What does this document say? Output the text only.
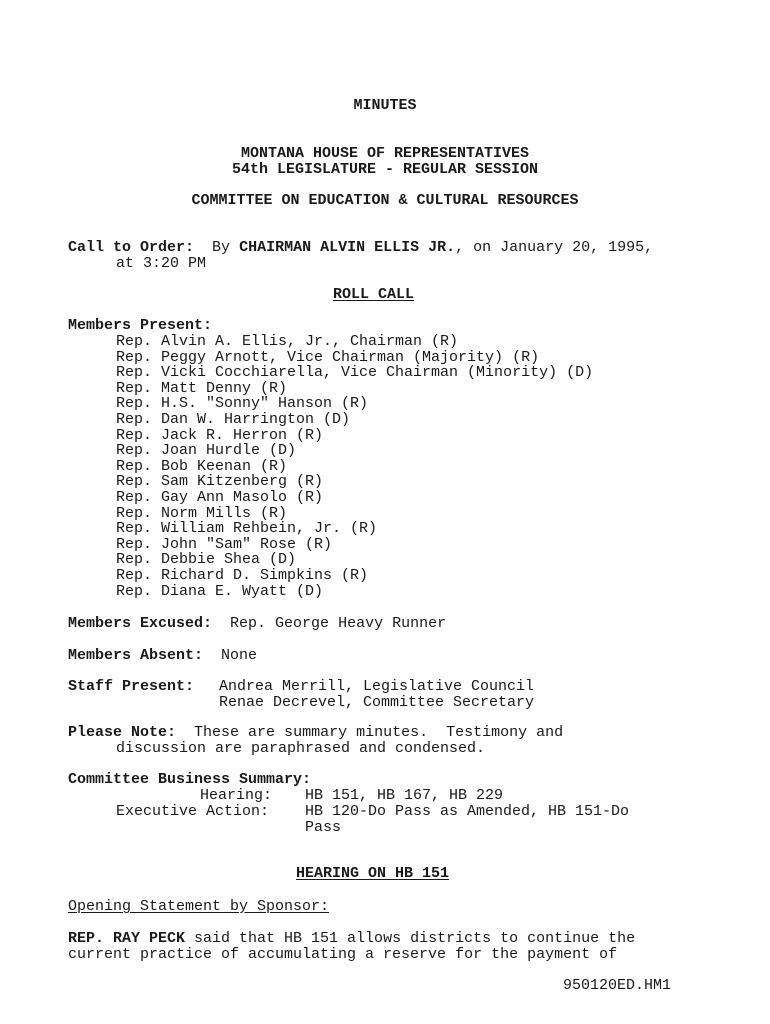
MINUTES
MONTANA HOUSE OF REPRESENTATIVES
54th LEGISLATURE - REGULAR SESSION
COMMITTEE ON EDUCATION & CULTURAL RESOURCES
Call to Order: By CHAIRMAN ALVIN ELLIS JR., on January 20, 1995,
at 3:20 PM
ROLL CALL
Members Present:
Rep. Alvin A. Ellis, Jr., Chairman (R)
Rep. Peggy Arnott, Vice Chairman (Majority) (R)
Rep. Vicki Cocchiarella, Vice Chairman (Minority) (D)
Rep. Matt Denny (R)
Rep. H.S. "Sonny" Hanson (R)
Rep. Dan W. Harrington (D)
Rep. Jack R. Herron (R)
Rep. Joan Hurdle (D)
Rep. Bob Keenan (R)
Rep. Sam Kitzenberg (R)
Rep. Gay Ann Masolo (R)
Rep. Norm Mills (R)
Rep. William Rehbein, Jr. (R)
Rep. John "Sam" Rose (R)
Rep. Debbie Shea (D)
Rep. Richard D. Simpkins (R)
Rep. Diana E. Wyatt (D)
Members Excused: Rep. George Heavy Runner
Members Absent: None
Staff Present: Andrea Merrill, Legislative Council
Renae Decrevel, Committee Secretary
Please Note: These are summary minutes.  Testimony and
discussion are paraphrased and condensed.
Committee Business Summary:
Hearing: HB 151, HB 167, HB 229
Executive Action: HB 120-Do Pass as Amended, HB 151-Do
Pass
HEARING ON HB 151
Opening Statement by Sponsor:
REP. RAY PECK said that HB 151 allows districts to continue the
current practice of accumulating a reserve for the payment of
950120ED.HM1
